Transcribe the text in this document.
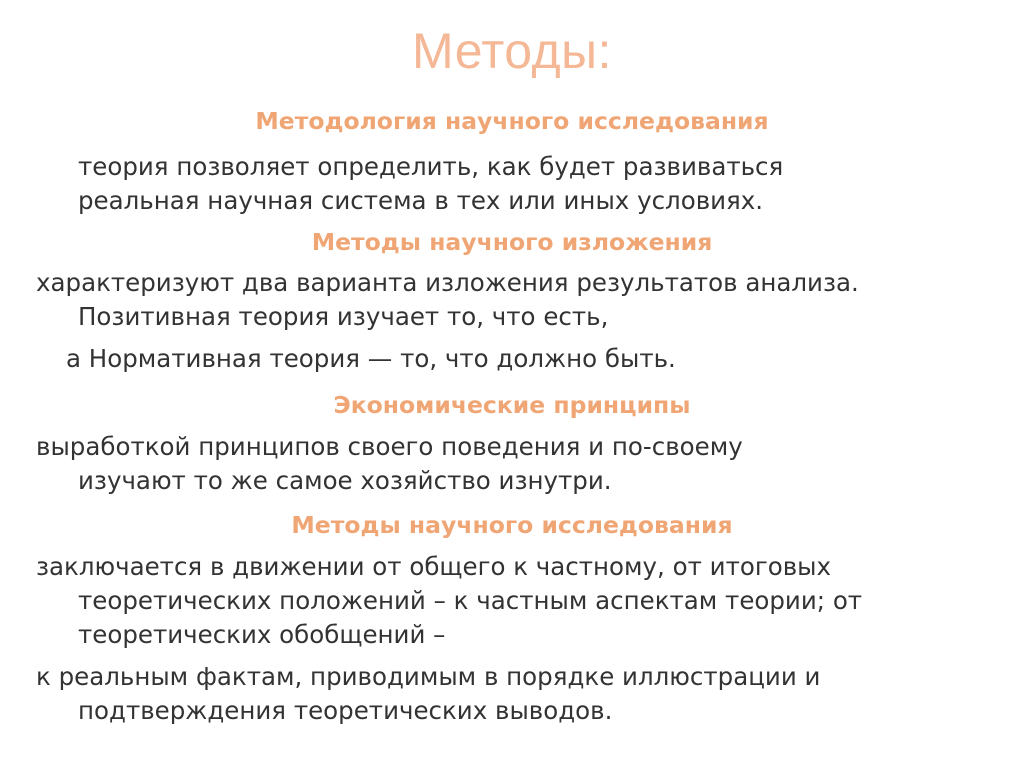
Методы:
Методология научного исследования
теория позволяет определить, как будет развиваться
реальная научная система в тех или иных условиях.
Методы научного изложения
характеризуют два варианта изложения результатов анализа.
Позитивная теория изучает то, что есть,
а Нормативная теория — то, что должно быть.
Экономические принципы
выработкой принципов своего поведения и по-своему
изучают то же самое хозяйство изнутри.
Методы научного исследования
заключается в движении от общего к частному, от итоговых
теоретических положений – к частным аспектам теории; от
теоретических обобщений –
к реальным фактам, приводимым в порядке иллюстрации и
подтверждения теоретических выводов.
